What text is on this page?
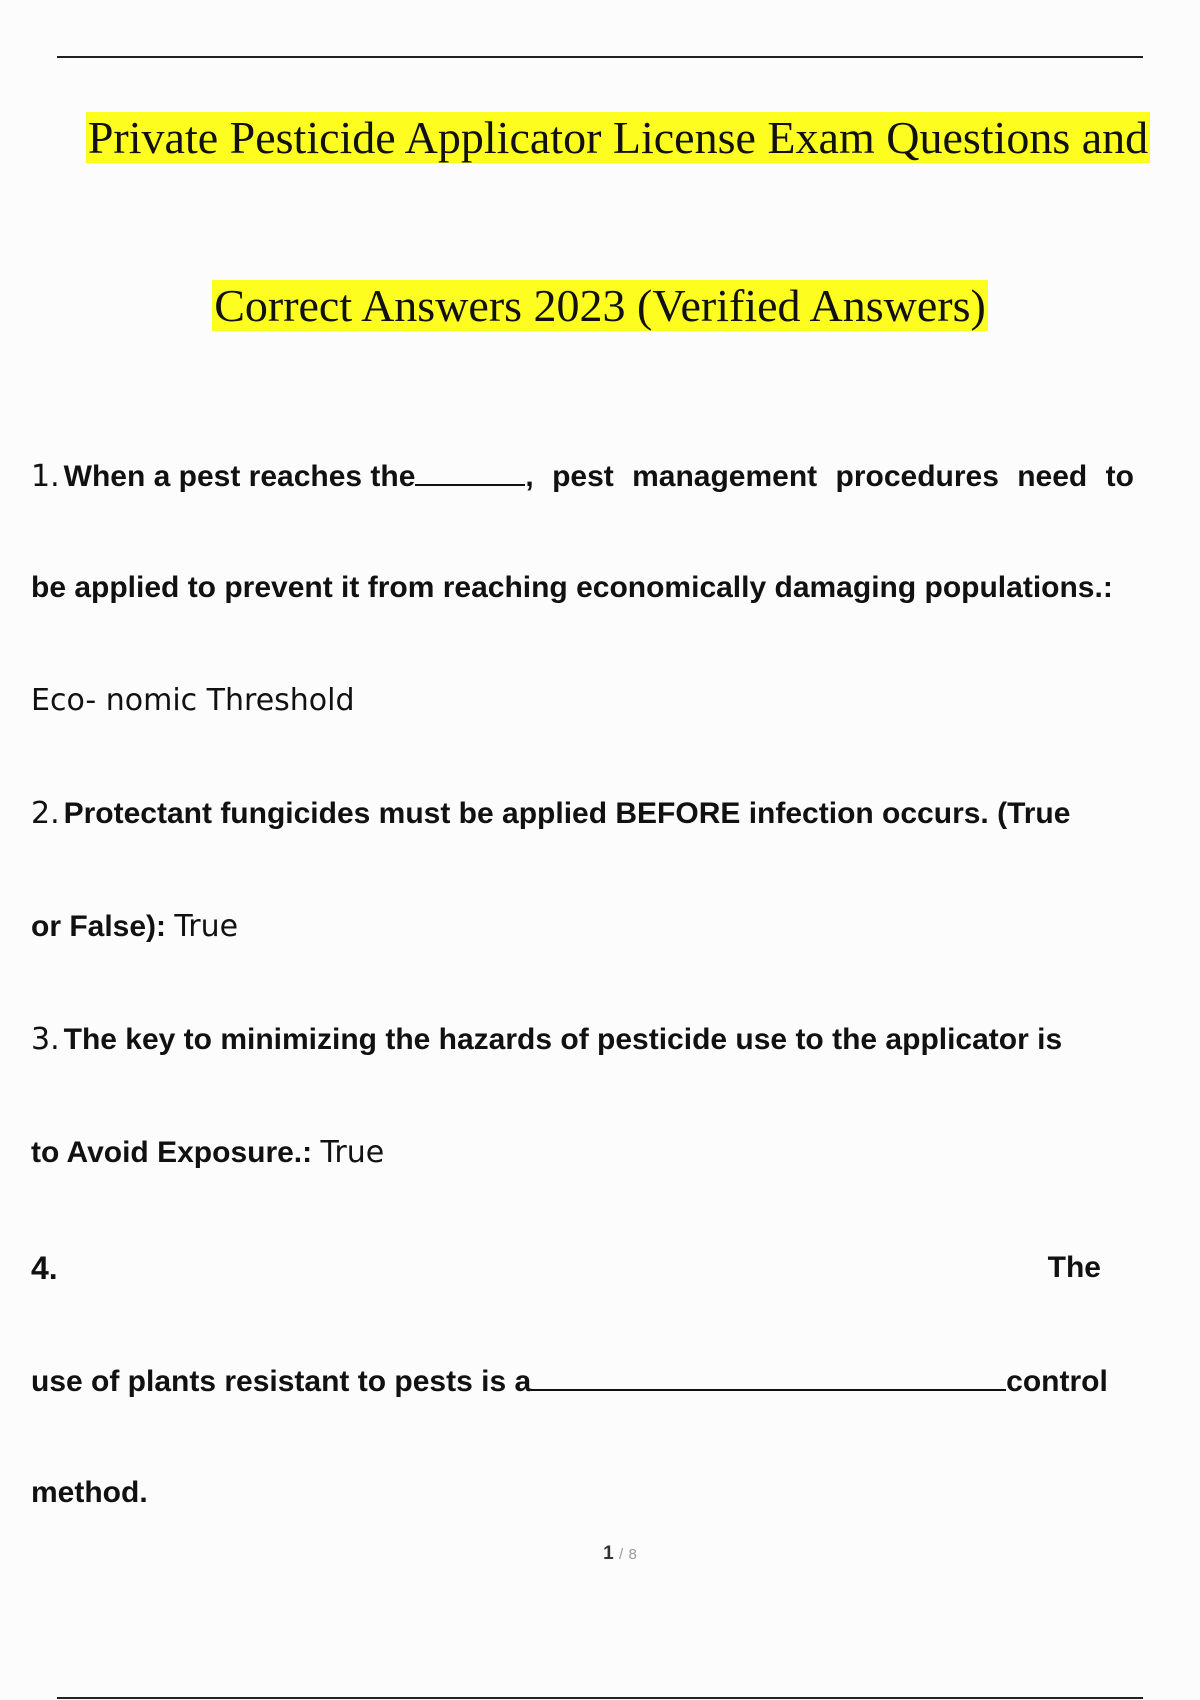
Private Pesticide Applicator License Exam Questions and
Correct Answers 2023 (Verified Answers)
1. When a pest reaches the	, pest management procedures need to
be applied to prevent it from reaching economically damaging populations.:
Eco- nomic Threshold
2. Protectant fungicides must be applied BEFORE infection occurs. (True
or False): True
3. The key to minimizing the hazards of pesticide use to the applicator is
to Avoid Exposure.: True
4.	The
use of plants resistant to pests is a	control
method.
1 / 8
